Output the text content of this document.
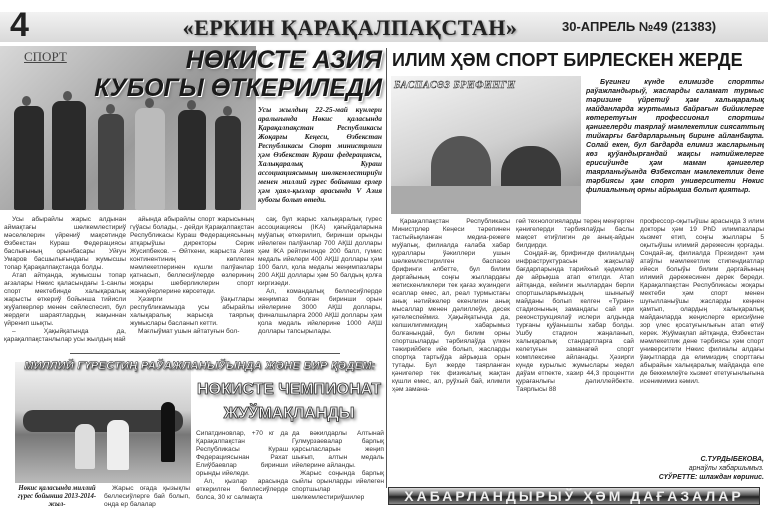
4	«ЕРКИН ҚАРАҚАЛПАҚСТАН»	30-АПРЕЛЬ №49 (21383)
СПОРТ	НӨКИСТЕ АЗИЯ
КУБОГЫ ӨТКЕРИЛЕДИ
Усы жылдың 22-25-май күнлери аралығында Нөкис қаласында Қарақалпақстан Республикасы Жоқарғы Кеңеси, Өзбекстан Республикасы Спорт министрлиги ҳәм Өзбекстан Кураш федерациясы, Халықаралық Кураш ассоциациясының шөлкемлестириўи менен миллий гүрес бойынша ерлер ҳәм ҳаял-қызлар арасында V Азия кубогы болып өтеди.

Усы абырайлы жарыс алдынан аймақтағы шөлкемлестириў мәселелерин үйрениў мақсетинде Өзбекстан Кураш Федерациясы баслығының орынбасары Уйғун Умаров басшылығындағы жумысшы топар Қарақалпақстанда болды.

Атап айтқанда, жумысшы топар ағзалары Нөкис қаласындағы 1-санлы спорт мектебинде халықаралық жарысты өткериў бойынша тийисли жуўапкерлер менен сөйлеспесип, бул жердеги шараятлардың жақыннан үйренип шықты.

– Ҳақыйқатында да, қарақалпақстанлылар усы жылдың май

айында абырайлы спорт жарысының гүўасы болады, - дейди Қарақалпақстан Республикасы Кураш Федерациясының атқарыўшы директоры Серик Жусипбеков. – Өйткени, жарыста Азия континентиниң көплеген мәмлекетлеринен күшли палўанлар қатнасып, беллесиўлерде өзлериниң жоқары шеберликлерин спорт жанкүйерлерине көрсетеди.

Ҳәзирги ўақытлары республикамызда усы абырайлы халықаралық жарысқа таярлық жумыслары басланып кетти.

Мағлыўмат ушын айтатуғын бол-

сақ, бул жарыс халықаралық гүрес ассоциациясы (IKA) қағыйдаларына муўапық өткерилип, биринши орынды ийелеген палўанлар 700 АҚШ доллары ҳәм IKA рейтингинде 200 балл, гүмис медаль ийелери 400 АҚШ доллары ҳәм 100 балл, қола медалы жеңимпазлары 200 АҚШ доллары ҳәм 50 балдың қолға киргизеди.

Ал, командалық беллесиўлерде жеңимпаз болған биринши орын ийелерине 3000 АҚШ доллары, финалшыларға 2000 АҚШ доллары ҳәм қола медаль ийелерине 1000 АҚШ доллары тапсырылады.

МИЛЛИЙ ГҮРЕСТИҢ РАЎАЖЛАНЫЎЫНДА ЖӘНЕ БИР ҚӘДЕМ:
НӨКИСТЕ ЧЕМПИОНАТ
ЖУЎМАҚЛАНДЫ
Нөкис қаласында миллий гүрес бойынша 2013-2014-жыл-

Жарыс оғада қызықлы беллесиўлерге бай болып, онда ер балалар

Сипатдиновлар, +70 кг да Қарақалпақстан Республикасы Кураш Федерациясынан Рахат Елиўбаевлар биринши орынды ийеледи.

Ал, қызлар арасында өткерилген беллесиўлерде болса, 30 кг салмақта

да вәкилдарлы Алтынай Гулмурзаевалар барлық қарсыласларын жеңип шығып, алтын медаль ийелерине айланды.

Жарыс соңында барлық сыйлы орынларды ийелеген спортшылар шөлкемлестириўшилер

ИЛИМ ҲӘМ СПОРТ БИРЛЕСКЕН ЖЕРДЕ
БАСПАСӨЗ БРИФИНГИ	Бүгинги күнде елимизде спортты раўажландырыў, жасларды саламат турмыс тәризине үйретиў ҳәм халықаралық майданларда журтымыз байрағын бийиклерге көтеретуғын профессионал спортшы қәнигелерди таярлаў мәмлекетлик сиясаттың тийкарғы бағдарларының бирине айланбақта. Солай екен, бул бағдарда елимиз жасларының көз қуўандырғандай жақсы нәтийжелерге ерисиўинде ҳәм маман қәнигелер таярланыўында Өзбекстан мәмлекетлик дене тәрбиясы ҳәм спорт университети Нөкис филиалының орны айрықша болып қиятыр.

Қарақалпақстан Республикасы Министрлер Кеңеси тәрепинен тастыйықланған медиа-режеге муўапық, филиалда ғалаба хабар қураллары ўәкиллери ушын шөлкемлестирилген баспасөз брифинги әлбетте, бул билим дәргайының соңғы жыллардағы жетискенликлери тек қағаз жүзиндеги есаплар емес, ал, реал турмыстағы анық нәтийжелер екенлигин анық мысаллар менен дәлиллеўи, десек қәтелеспеймиз. Ҳақыйқатында да, келшилигимиздиң хабарымыз болғанындай, бул билим орны спортшыларды тәрбиялаўда үлкен тәжирийбеге ийе болып, жасларды спортқа тартыўда айрықша орын тутады. Бул жерде таярланған қәнигелер тек физикалық жақтан күшли емес, ал, руўхый бай, илимли ҳәм замана-

гөй технологияларды терең меңгерген қәнигелерди тәрбиялаўды баслы мақсет етиўлигин де анық-айдын билдирди.

Соңдай-ақ, брифингде филиалдың инфраструктурасын жақсылаў бағдарларында тарийхый қәдемлер де айрықша атап өтилди. Атап айтқанда, кейинги жыллардан берли спортшыларымыздың шынығыў майданы болып келген «Туран» стадионының замандагы сай ири реконструкциялаў ислери алдында турғаны қуўанышлы хабар болды. Ушбу стадион жаңаланып, халықаралық стандартларға сай келетуғын заманагөй спорт комплексине айланады. Ҳәзирги күнде курылыс жумыслары жедел даўам етпекте, хазир 44,3 процентти қурағанлығы дәлиллейбекте. Таярлысы 88

профессор-оқытыўшы арасында 3 илим докторы ҳәм 19 PhD илимпазлары хызмет етип, соңғы жыллары 5 оқытыўшы илимий дәрежесин қорғады. Сондай-ақ, филиалда Президент ҳәм атаўлы мәмлекетлик стипендиатлар ийеси болыўы билим дәргайының илимий дәрежесинен дерек береди. Қарақалпақстан Республикасы жоқары мектеби ҳәм спорт менен шуғылланыўшы жасларды кеңнен қамтып, олардың халықаралық майданларда жеңислерге ерисиўине зор үлес қосатуғынлығын атап өтиў керек. Жуўмақлап айтқанда, Өзбекстан мәмлекетлик дене тәрбиясы ҳәм спорт университети Нөкис филиалы алдағы ўақытларда да елимиздиң спорттағы абырайын халықаралық майданда еле де беккемлеўге хызмет ететуғынлығына исенимимиз кәмил.

С.ТУРДЫБЕКОВА,
арнаўлы хабаршымыз.
СҮЎРЕТТЕ: шлаждан көринис.
ХАБАРЛАНДЫРЫЎ ҲӘМ ДАҒАЗАЛАР
